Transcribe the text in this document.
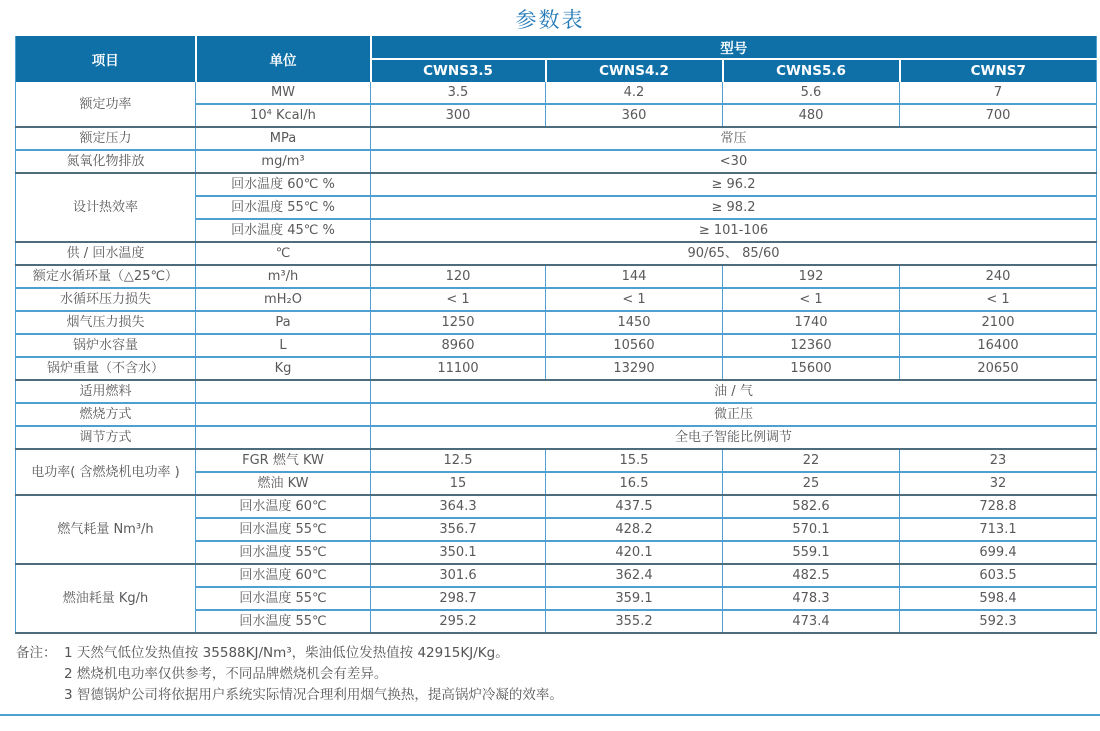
参数表
项目	单位	型号			
		CWNS3.5	CWNS4.2	CWNS5.6	CWNS7
额定功率	MW	3.5	4.2	5.6	7
	10⁴ Kcal/h	300	360	480	700
额定压力	MPa	常压			
氮氧化物排放	mg/m³	<30			
设计热效率	回水温度 60℃ %	≥ 96.2			
	回水温度 55℃ %	≥ 98.2			
	回水温度 45℃ %	≥ 101-106			
供 / 回水温度	℃	90/65、 85/60			
额定水循环量（△25℃）	m³/h	120	144	192	240
水循环压力损失	mH₂O	< 1	< 1	< 1	< 1
烟气压力损失	Pa	1250	1450	1740	2100
锅炉水容量	L	8960	10560	12360	16400
锅炉重量（不含水）	Kg	11100	13290	15600	20650
适用燃料		油 / 气			
燃烧方式		微正压			
调节方式		全电子智能比例调节			
电功率( 含燃烧机电功率 )	FGR 燃气 KW	12.5	15.5	22	23
	燃油 KW	15	16.5	25	32
燃气耗量 Nm³/h	回水温度 60℃	364.3	437.5	582.6	728.8
	回水温度 55℃	356.7	428.2	570.1	713.1
	回水温度 55℃	350.1	420.1	559.1	699.4
燃油耗量 Kg/h	回水温度 60℃	301.6	362.4	482.5	603.5
	回水温度 55℃	298.7	359.1	478.3	598.4
	回水温度 55℃	295.2	355.2	473.4	592.3
备注： 1 天然气低位发热值按 35588KJ/Nm³，柴油低位发热值按 42915KJ/Kg。
2 燃烧机电功率仅供参考，不同品牌燃烧机会有差异。
3 智德锅炉公司将依据用户系统实际情况合理利用烟气换热，提高锅炉冷凝的效率。
